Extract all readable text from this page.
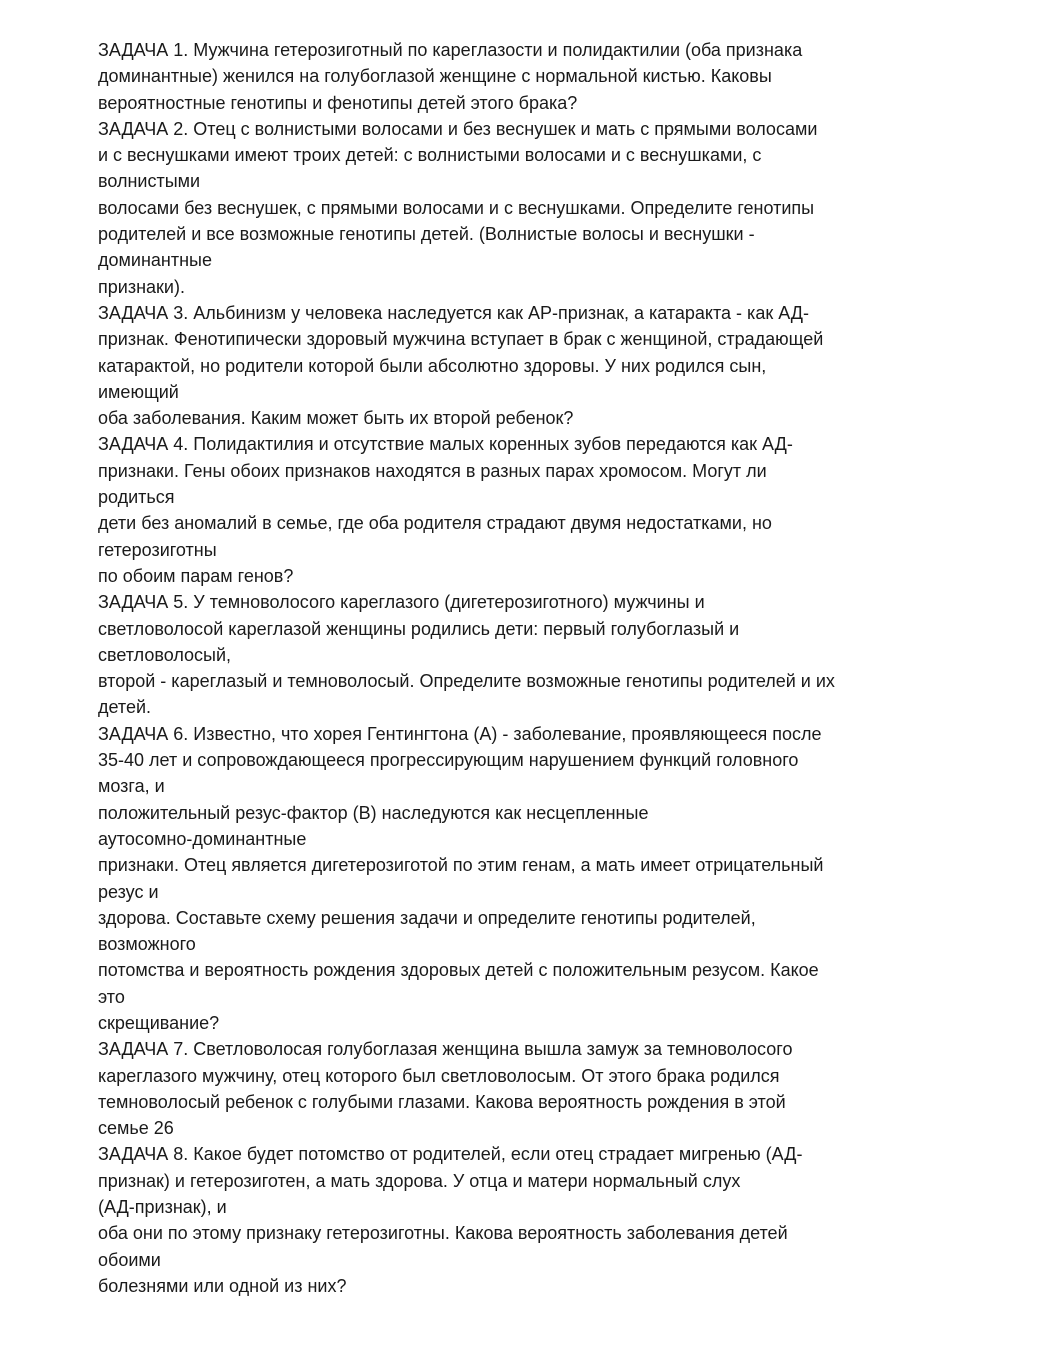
ЗАДАЧА 1. Мужчина гетерозиготный по кареглазости и полидактилии (оба признака
доминантные) женился на голубоглазой женщине с нормальной кистью. Каковы
вероятностные генотипы и фенотипы детей этого брака?
ЗАДАЧА 2. Отец с волнистыми волосами и без веснушек и мать с прямыми волосами
и с веснушками имеют троих детей: с волнистыми волосами и с веснушками, с
волнистыми
волосами без веснушек, с прямыми волосами и с веснушками. Определите генотипы
родителей и все возможные генотипы детей. (Волнистые волосы и веснушки -
доминантные
признаки).
ЗАДАЧА 3. Альбинизм у человека наследуется как АР-признак, а катаракта - как АД-
признак. Фенотипически здоровый мужчина вступает в брак с женщиной, страдающей
катарактой, но родители которой были абсолютно здоровы. У них родился сын,
имеющий
оба заболевания. Каким может быть их второй ребенок?
ЗАДАЧА 4. Полидактилия и отсутствие малых коренных зубов передаются как АД-
признаки. Гены обоих признаков находятся в разных парах хромосом. Могут ли
родиться
дети без аномалий в семье, где оба родителя страдают двумя недостатками, но
гетерозиготны
по обоим парам генов?
ЗАДАЧА 5. У темноволосого кареглазого (дигетерозиготного) мужчины и
светловолосой кареглазой женщины родились дети: первый голубоглазый и
светловолосый,
второй - кареглазый и темноволосый. Определите возможные генотипы родителей и их
детей.
ЗАДАЧА 6. Известно, что хорея Гентингтона (А) - заболевание, проявляющееся после
35-40 лет и сопровождающееся прогрессирующим нарушением функций головного
мозга, и
положительный резус-фактор (В) наследуются как несцепленные
аутосомно-доминантные
признаки. Отец является дигетерозиготой по этим генам, а мать имеет отрицательный
резус и
здорова. Составьте схему решения задачи и определите генотипы родителей,
возможного
потомства и вероятность рождения здоровых детей с положительным резусом. Какое
это
скрещивание?
ЗАДАЧА 7. Светловолосая голубоглазая женщина вышла замуж за темноволосого
кареглазого мужчину, отец которого был светловолосым. От этого брака родился
темноволосый ребенок с голубыми глазами. Какова вероятность рождения в этой
семье 26
ЗАДАЧА 8. Какое будет потомство от родителей, если отец страдает мигренью (АД-
признак) и гетерозиготен, а мать здорова. У отца и матери нормальный слух
(АД-признак), и
оба они по этому признаку гетерозиготны. Какова вероятность заболевания детей
обоими
болезнями или одной из них?
